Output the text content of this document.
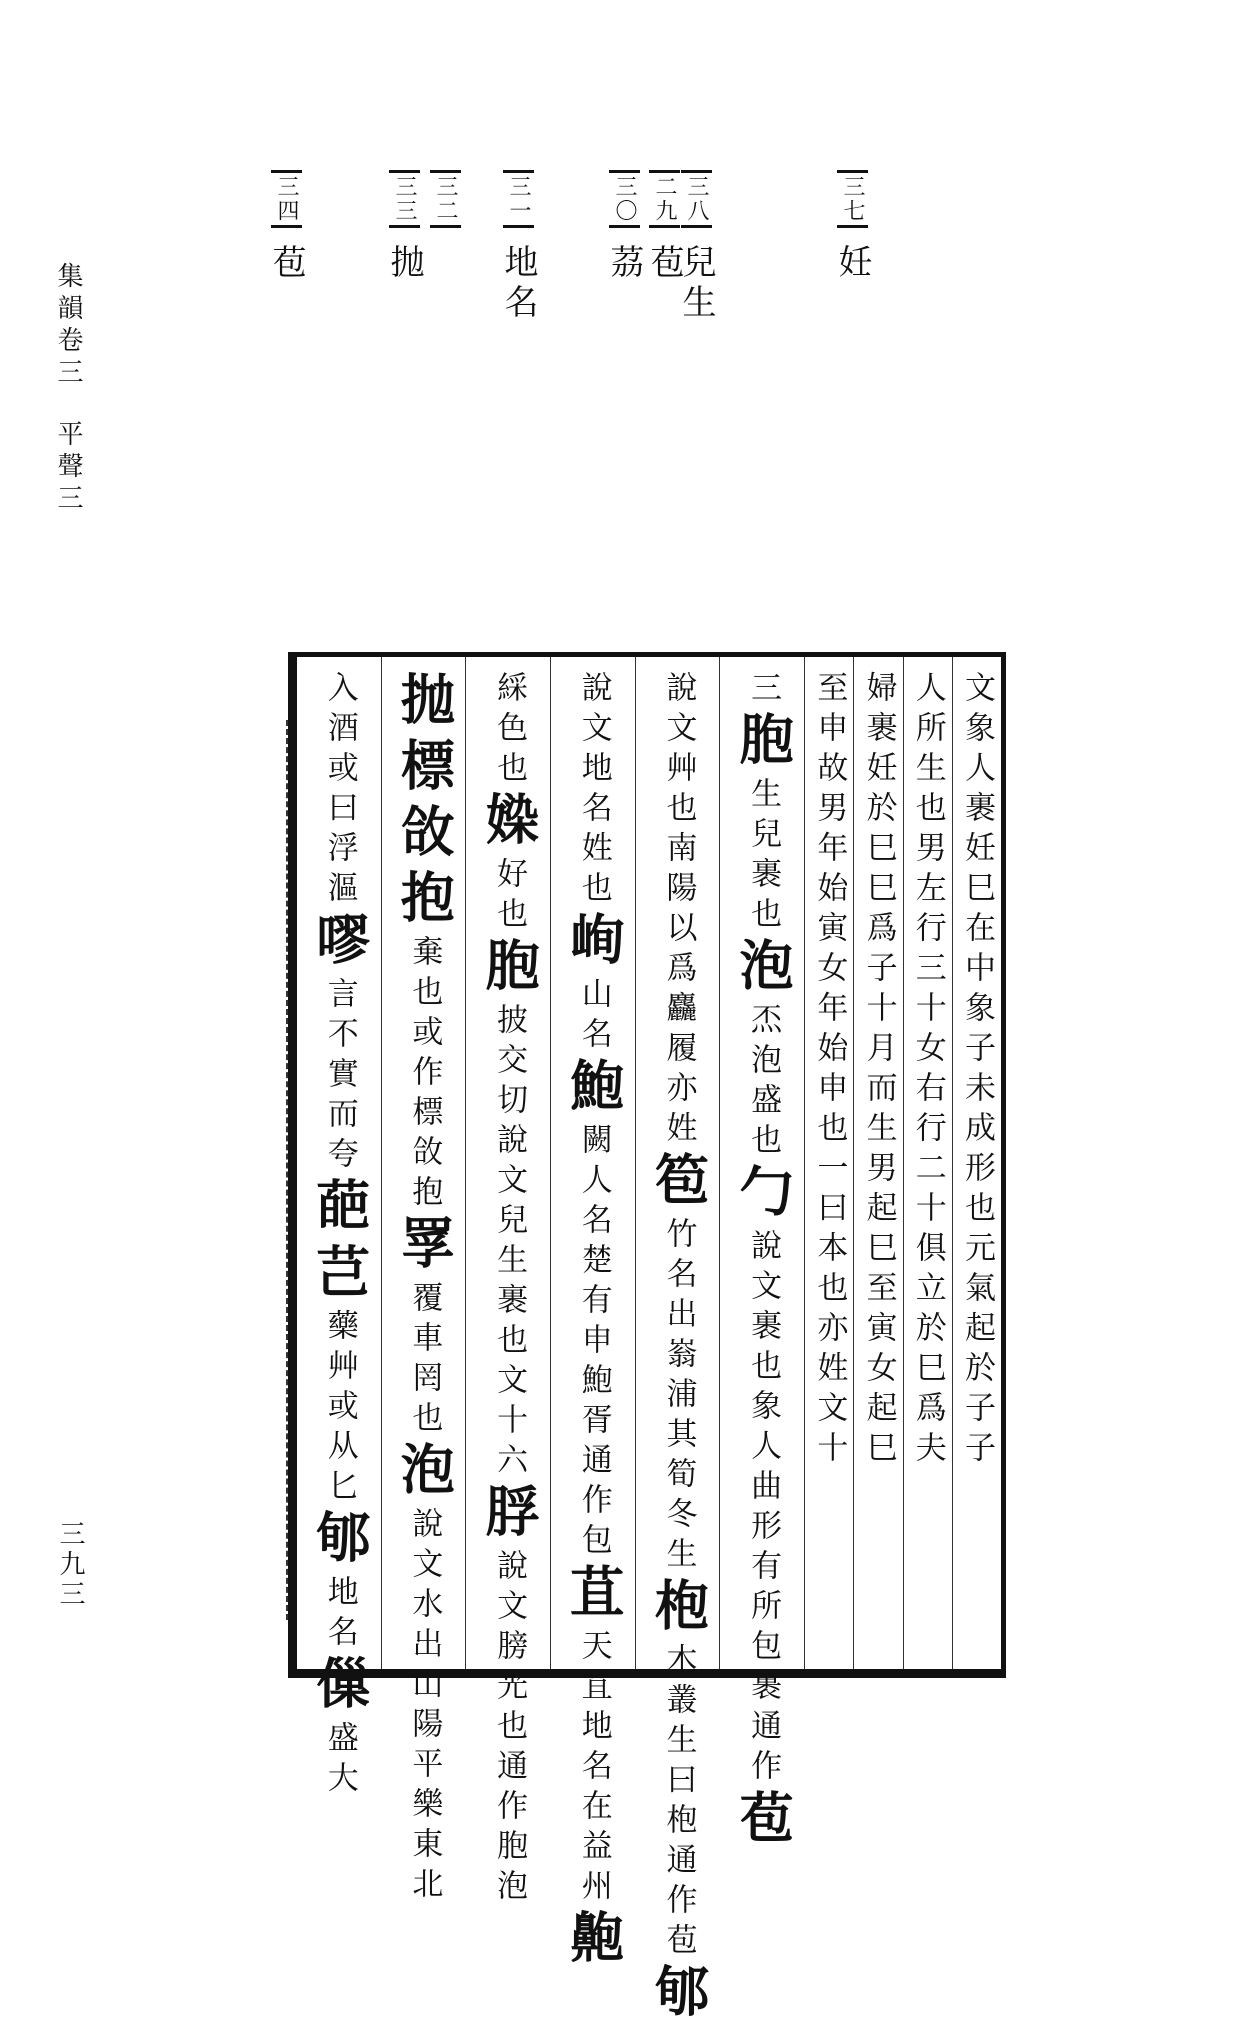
集韻卷三平聲三
三九三
三七
妊
三八
兒生
二九
苞
三〇
茘
三一
地名
三二
三三
抛
三四
苞
文象人裹妊巳在中象子未成形也元氣起於子子
人所生也男左行三十女右行二十俱立於巳爲夫
婦裹妊於巳巳爲子十月而生男起巳至寅女起巳
至申故男年始寅女年始申也一曰本也亦姓文十
三胞生兒裹也泡㶨泡盛也勹說文裹也象人曲形有所包裹通作苞
說文艸也南陽以爲麤履亦姓笣竹名出嵡浦其筍冬生枹木叢生曰枹通作苞郇
說文地名姓也峋山名鮑闕人名楚有申鮑胥通作包苴天苴地名在益州䶌
綵色也媣好也胞披交切說文兒生裹也文十六脬說文膀光也通作胞泡
抛標㪉抱棄也或作標㪉抱罦覆車罔也泡說文水出山陽平樂東北
入酒或曰浮漚嘐言不實而夸葩芑藥艸或从匕郇地名㑿盛大
